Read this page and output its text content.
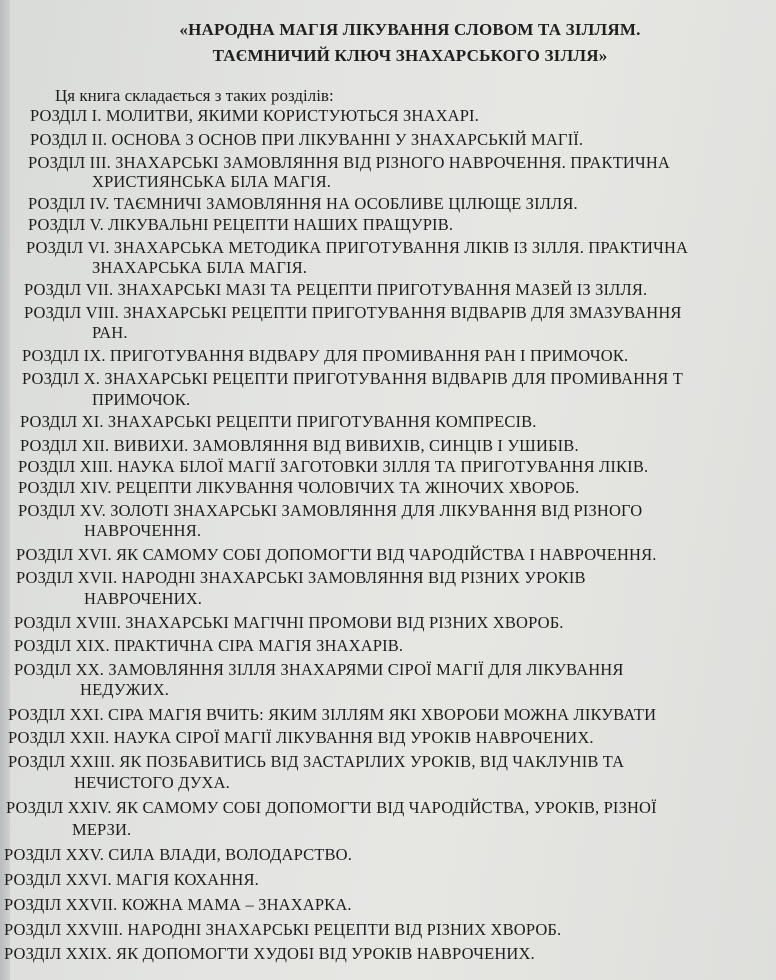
«НАРОДНА МАГІЯ ЛІКУВАННЯ СЛОВОМ ТА ЗІЛЛЯМ.
ТАЄМНИЧИЙ КЛЮЧ ЗНАХАРСЬКОГО ЗІЛЛЯ»
Ця книга складається з таких розділів:
РОЗДІЛ І. МОЛИТВИ, ЯКИМИ КОРИСТУЮТЬСЯ ЗНАХАРІ.
РОЗДІЛ ІІ. ОСНОВА З ОСНОВ ПРИ ЛІКУВАННІ У ЗНАХАРСЬКІЙ МАГІЇ.
РОЗДІЛ ІІІ. ЗНАХАРСЬКІ ЗАМОВЛЯННЯ ВІД РІЗНОГО НАВРОЧЕННЯ. ПРАКТИЧНА
ХРИСТИЯНСЬКА БІЛА МАГІЯ.
РОЗДІЛ IV. ТАЄМНИЧІ ЗАМОВЛЯННЯ НА ОСОБЛИВЕ ЦІЛЮЩЕ ЗІЛЛЯ.
РОЗДІЛ V. ЛІКУВАЛЬНІ РЕЦЕПТИ НАШИХ ПРАЩУРІВ.
РОЗДІЛ VI. ЗНАХАРСЬКА МЕТОДИКА ПРИГОТУВАННЯ ЛІКІВ ІЗ ЗІЛЛЯ. ПРАКТИЧНА
ЗНАХАРСЬКА БІЛА МАГІЯ.
РОЗДІЛ VII. ЗНАХАРСЬКІ МАЗІ ТА РЕЦЕПТИ ПРИГОТУВАННЯ МАЗЕЙ ІЗ ЗІЛЛЯ.
РОЗДІЛ VIII. ЗНАХАРСЬКІ РЕЦЕПТИ ПРИГОТУВАННЯ ВІДВАРІВ ДЛЯ ЗМАЗУВАННЯ
РАН.
РОЗДІЛ IX. ПРИГОТУВАННЯ ВІДВАРУ ДЛЯ ПРОМИВАННЯ РАН І ПРИМОЧОК.
РОЗДІЛ X. ЗНАХАРСЬКІ РЕЦЕПТИ ПРИГОТУВАННЯ ВІДВАРІВ ДЛЯ ПРОМИВАННЯ Т
ПРИМОЧОК.
РОЗДІЛ XI. ЗНАХАРСЬКІ РЕЦЕПТИ ПРИГОТУВАННЯ КОМПРЕСІВ.
РОЗДІЛ XII. ВИВИХИ. ЗАМОВЛЯННЯ ВІД ВИВИХІВ, СИНЦІВ І УШИБІВ.
РОЗДІЛ XIII. НАУКА БІЛОЇ МАГІЇ ЗАГОТОВКИ ЗІЛЛЯ ТА ПРИГОТУВАННЯ ЛІКІВ.
РОЗДІЛ XIV. РЕЦЕПТИ ЛІКУВАННЯ ЧОЛОВІЧИХ ТА ЖІНОЧИХ ХВОРОБ.
РОЗДІЛ XV. ЗОЛОТІ ЗНАХАРСЬКІ ЗАМОВЛЯННЯ ДЛЯ ЛІКУВАННЯ ВІД РІЗНОГО
НАВРОЧЕННЯ.
РОЗДІЛ XVI. ЯК САМОМУ СОБІ ДОПОМОГТИ ВІД ЧАРОДІЙСТВА І НАВРОЧЕННЯ.
РОЗДІЛ XVII. НАРОДНІ ЗНАХАРСЬКІ ЗАМОВЛЯННЯ ВІД РІЗНИХ УРОКІВ
НАВРОЧЕНИХ.
РОЗДІЛ XVIII. ЗНАХАРСЬКІ МАГІЧНІ ПРОМОВИ ВІД РІЗНИХ ХВОРОБ.
РОЗДІЛ XIX. ПРАКТИЧНА СІРА МАГІЯ ЗНАХАРІВ.
РОЗДІЛ XX. ЗАМОВЛЯННЯ ЗІЛЛЯ ЗНАХАРЯМИ СІРОЇ МАГІЇ ДЛЯ ЛІКУВАННЯ
НЕДУЖИХ.
РОЗДІЛ XXI. СІРА МАГІЯ ВЧИТЬ: ЯКИМ ЗІЛЛЯМ ЯКІ ХВОРОБИ МОЖНА ЛІКУВАТИ
РОЗДІЛ XXII. НАУКА СІРОЇ МАГІЇ ЛІКУВАННЯ ВІД УРОКІВ НАВРОЧЕНИХ.
РОЗДІЛ XXIII. ЯК ПОЗБАВИТИСЬ ВІД ЗАСТАРІЛИХ УРОКІВ, ВІД ЧАКЛУНІВ ТА
НЕЧИСТОГО ДУХА.
РОЗДІЛ XXIV. ЯК САМОМУ СОБІ ДОПОМОГТИ ВІД ЧАРОДІЙСТВА, УРОКІВ, РІЗНОЇ
МЕРЗИ.
РОЗДІЛ XXV. СИЛА ВЛАДИ, ВОЛОДАРСТВО.
РОЗДІЛ XXVI. МАГІЯ КОХАННЯ.
РОЗДІЛ XXVII. КОЖНА МАМА – ЗНАХАРКА.
РОЗДІЛ XXVIII. НАРОДНІ ЗНАХАРСЬКІ РЕЦЕПТИ ВІД РІЗНИХ ХВОРОБ.
РОЗДІЛ XXIX. ЯК ДОПОМОГТИ ХУДОБІ ВІД УРОКІВ НАВРОЧЕНИХ.
